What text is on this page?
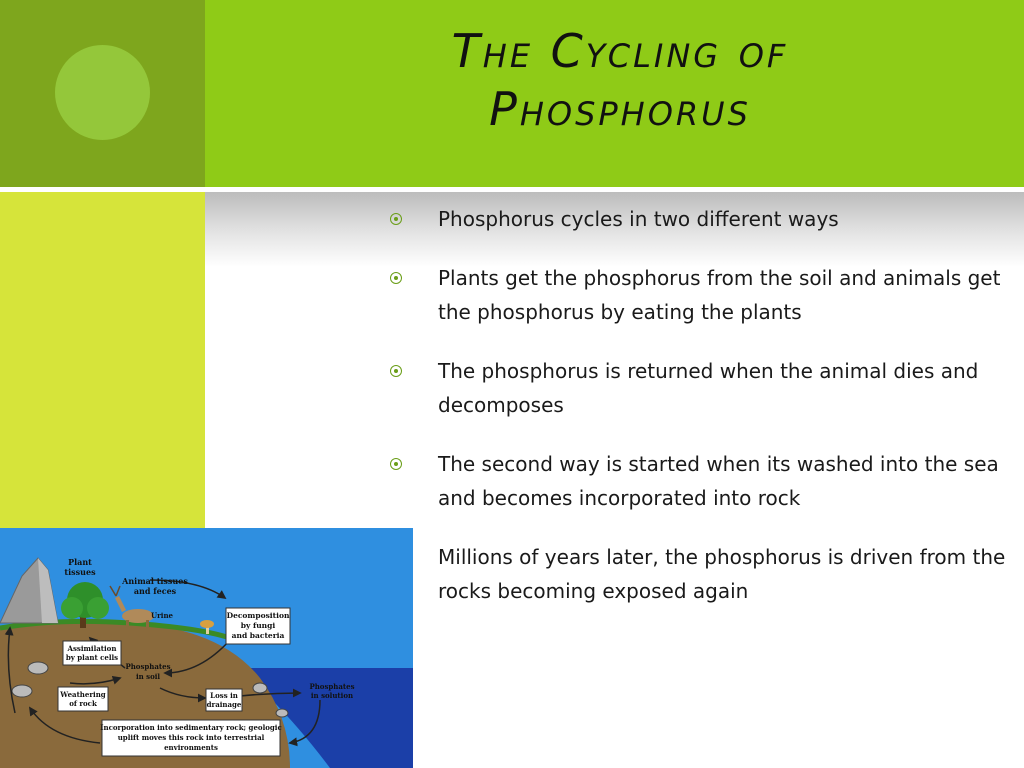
The Cycling of
Phosphorus
Phosphorus cycles in two different ways
Plants get the phosphorus from the soil and animals get the phosphorus by eating the plants
The phosphorus is returned when the animal dies and decomposes
The second way is started when its washed into the sea and becomes incorporated into rock
Millions of years later, the phosphorus is driven from the rocks becoming exposed again
Plant
tissues
Animal tissues
and feces
Urine	Decomposition
by fungi
and bacteria
Assimilation
by plant cells
Phosphates
in soil
Weathering
of rock
Loss in
drainage
Phosphates
in solution
Incorporation into sedimentary rock; geologic
uplift moves this rock into terrestrial
environments
